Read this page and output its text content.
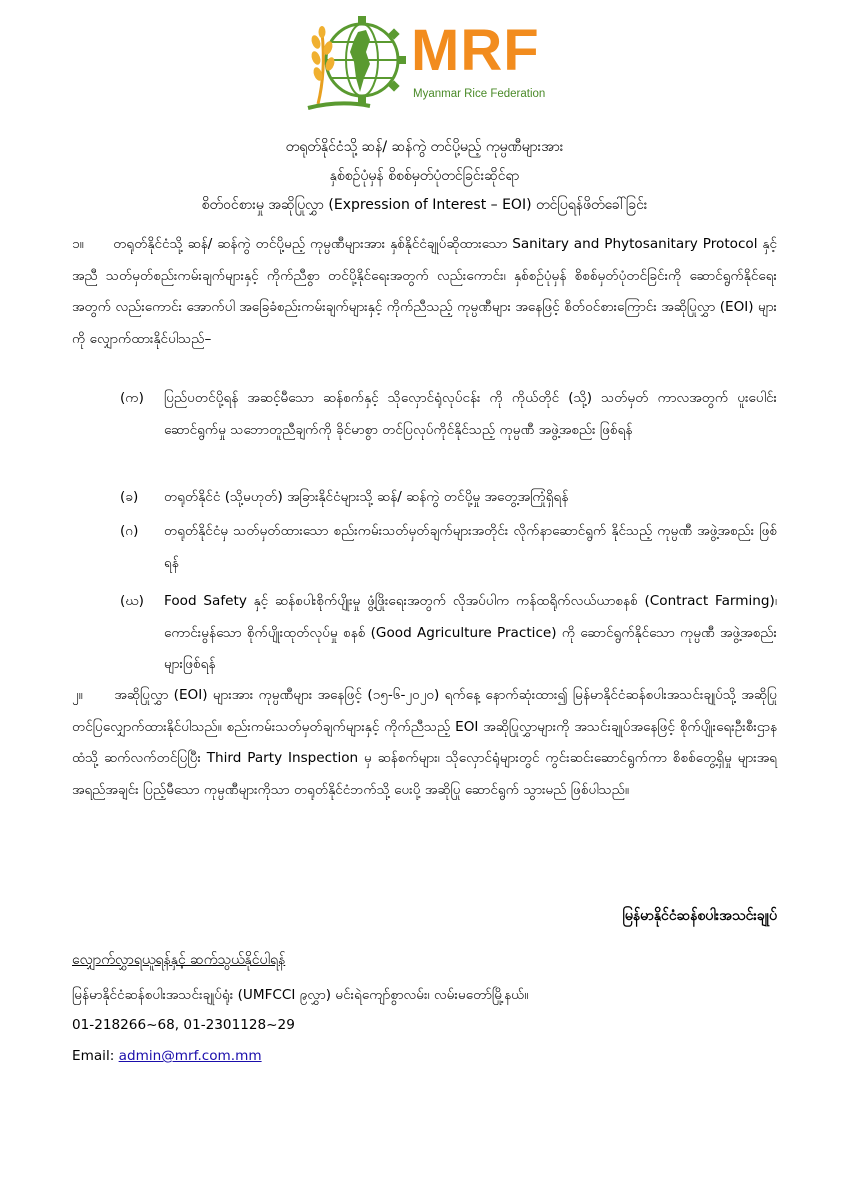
MRF
Myanmar Rice Federation
တရုတ်နိုင်ငံသို့ ဆန်/ ဆန်ကွဲ တင်ပို့မည့် ကုမ္ပဏီများအား
နှစ်စဉ်ပုံမှန် စိစစ်မှတ်ပုံတင်ခြင်းဆိုင်ရာ
စိတ်ဝင်စားမှု အဆိုပြုလွှာ (Expression of Interest – EOI) တင်ပြရန်ဖိတ်ခေါ်ခြင်း
၁။ တရုတ်နိုင်ငံသို့ ဆန်/ ဆန်ကွဲ တင်ပို့မည့် ကုမ္ပဏီများအား နှစ်နိုင်ငံချုပ်ဆိုထားသော Sanitary and Phytosanitary Protocol နှင့်အညီ သတ်မှတ်စည်းကမ်းချက်များနှင့် ကိုက်ညီစွာ တင်ပို့နိုင်ရေးအတွက် လည်းကောင်း၊ နှစ်စဉ်ပုံမှန် စိစစ်မှတ်ပုံတင်ခြင်းကို ဆောင်ရွက်နိုင်ရေးအတွက် လည်းကောင်း အောက်ပါ အခြေခံစည်းကမ်းချက်များနှင့် ကိုက်ညီသည့် ကုမ္ပဏီများ အနေဖြင့် စိတ်ဝင်စားကြောင်း အဆိုပြုလွှာ (EOI) များကို လျှောက်ထားနိုင်ပါသည်–
(က)	ပြည်ပတင်ပို့ရန် အဆင့်မီသော ဆန်စက်နှင့် သိုလှောင်ရုံလုပ်ငန်း ကို ကိုယ်တိုင် (သို့) သတ်မှတ် ကာလအတွက် ပူးပေါင်းဆောင်ရွက်မှု သဘောတူညီချက်ကို ခိုင်မာစွာ တင်ပြလုပ်ကိုင်နိုင်သည့် ကုမ္ပဏီ အဖွဲ့အစည်း ဖြစ်ရန်
(ခ)	တရုတ်နိုင်ငံ (သို့မဟုတ်) အခြားနိုင်ငံများသို့ ဆန်/ ဆန်ကွဲ တင်ပို့မှု အတွေ့အကြုံရှိရန်
(ဂ)	တရုတ်နိုင်ငံမှ သတ်မှတ်ထားသော စည်းကမ်းသတ်မှတ်ချက်များအတိုင်း လိုက်နာဆောင်ရွက် နိုင်သည့် ကုမ္ပဏီ အဖွဲ့အစည်း ဖြစ်ရန်
(ဃ)	Food Safety နှင့် ဆန်စပါးစိုက်ပျိုးမှု ဖွံ့ဖြိုးရေးအတွက် လိုအပ်ပါက ကန်ထရိုက်လယ်ယာစနစ် (Contract Farming)၊ ကောင်းမွန်သော စိုက်ပျိုးထုတ်လုပ်မှု စနစ် (Good Agriculture Practice) ကို ဆောင်ရွက်နိုင်သော ကုမ္ပဏီ အဖွဲ့အစည်းများဖြစ်ရန်
၂။ အဆိုပြုလွှာ (EOI) များအား ကုမ္ပဏီများ အနေဖြင့် (၁၅-၆-၂၀၂၀) ရက်နေ့ နောက်ဆုံးထား၍ မြန်မာနိုင်ငံဆန်စပါးအသင်းချုပ်သို့ အဆိုပြု တင်ပြလျှောက်ထားနိုင်ပါသည်။ စည်းကမ်းသတ်မှတ်ချက်များနှင့် ကိုက်ညီသည့် EOI အဆိုပြုလွှာများကို အသင်းချုပ်အနေဖြင့် စိုက်ပျိုးရေးဦးစီးဌာနထံသို့ ဆက်လက်တင်ပြပြီး Third Party Inspection မှ ဆန်စက်များ၊ သိုလှောင်ရုံများတွင် ကွင်းဆင်းဆောင်ရွက်ကာ စိစစ်တွေ့ရှိမှု များအရ အရည်အချင်း ပြည့်မီသော ကုမ္ပဏီများကိုသာ တရုတ်နိုင်ငံဘက်သို့ ပေးပို့ အဆိုပြု ဆောင်ရွက် သွားမည် ဖြစ်ပါသည်။
မြန်မာနိုင်ငံဆန်စပါးအသင်းချုပ်
လျှောက်လွှာရယူရန်နှင့် ဆက်သွယ်နိုင်ပါရန်
မြန်မာနိုင်ငံဆန်စပါးအသင်းချုပ်ရုံး (UMFCCI ၉လွှာ) မင်းရဲကျော်စွာလမ်း၊ လမ်းမတော်မြို့နယ်။
01-218266~68, 01-2301128~29
Email: admin@mrf.com.mm
